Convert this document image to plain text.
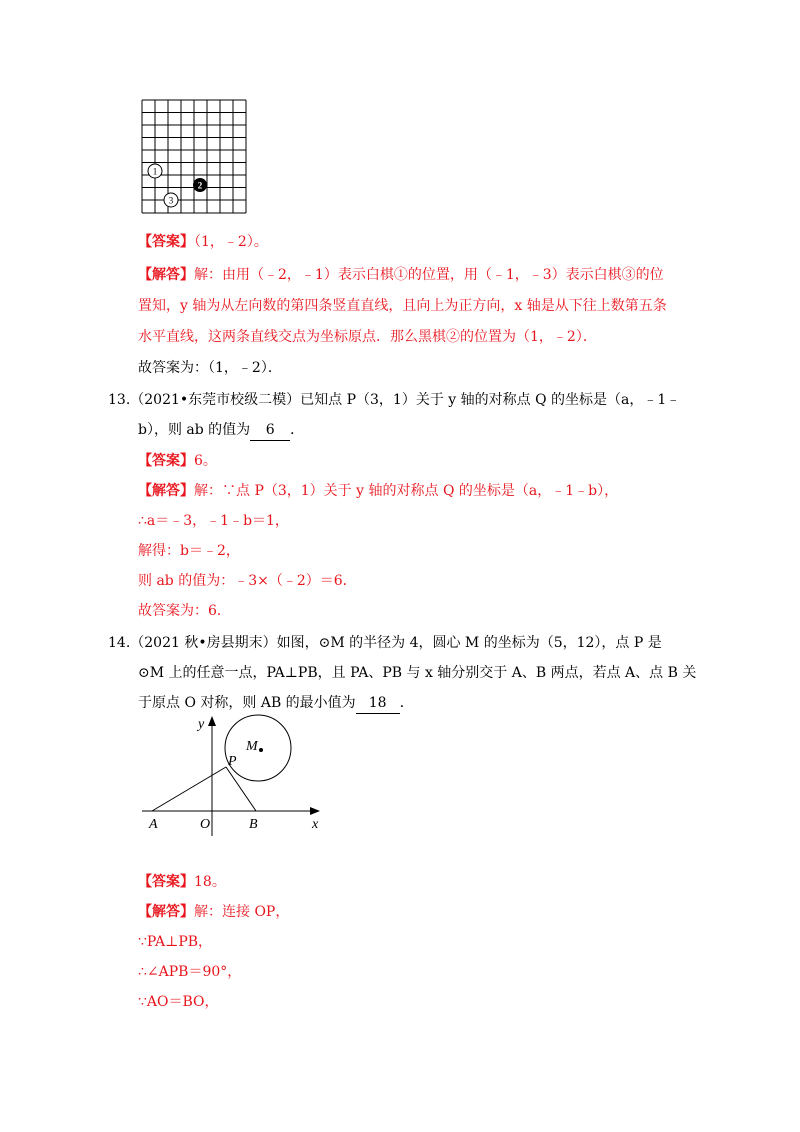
1
2
3
【答案】（1，﹣2）。
【解答】解：由用（﹣2，﹣1）表示白棋①的位置，用（﹣1，﹣3）表示白棋③的位
置知，y 轴为从左向数的第四条竖直直线，且向上为正方向，x 轴是从下往上数第五条
水平直线，这两条直线交点为坐标原点．那么黑棋②的位置为（1，﹣2）．
故答案为：（1，﹣2）．
13.（2021•东莞市校级二模）已知点 P（3，1）关于 y 轴的对称点 Q 的坐标是（a，﹣1﹣
b），则 ab 的值为 6 ．
【答案】6。
【解答】解：∵点 P（3，1）关于 y 轴的对称点 Q 的坐标是（a，﹣1﹣b），
∴a＝﹣3，﹣1﹣b＝1，
解得：b＝﹣2，
则 ab 的值为：﹣3×（﹣2）＝6．
故答案为：6．
14.（2021 秋•房县期末）如图，⊙M 的半径为 4，圆心 M 的坐标为（5，12），点 P 是
⊙M 上的任意一点，PA⊥PB，且 PA、PB 与 x 轴分别交于 A、B 两点，若点 A、点 B 关
于原点 O 对称，则 AB 的最小值为 18 ．
y
x
M
P
A	O	B
【答案】18。
【解答】解：连接 OP，
∵PA⊥PB，
∴∠APB＝90°，
∵AO＝BO，
